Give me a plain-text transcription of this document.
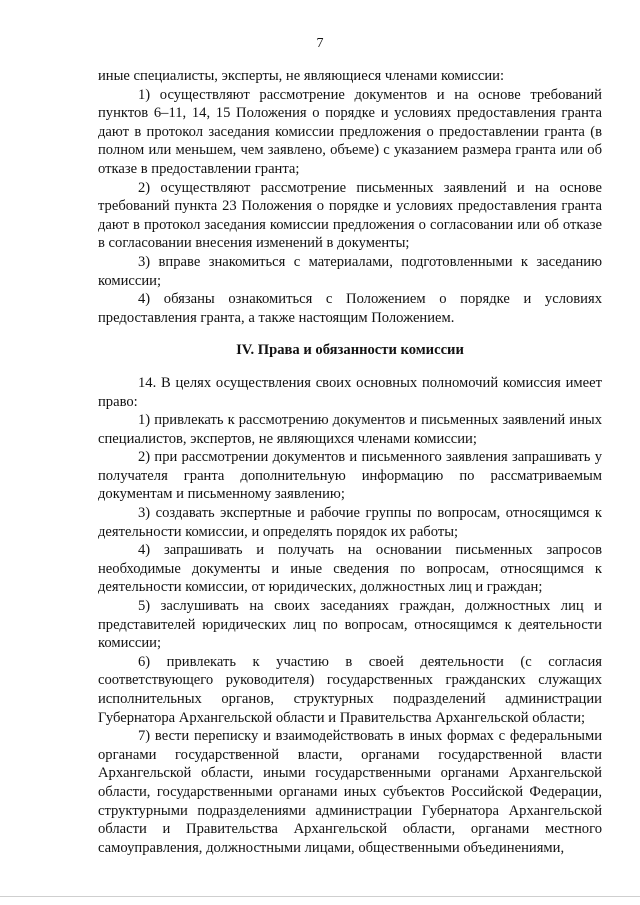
7

иные специалисты, эксперты, не являющиеся членами комиссии:

1) осуществляют рассмотрение документов и на основе требований пунктов 6–11, 14, 15 Положения о порядке и условиях предоставления гранта дают в протокол заседания комиссии предложения о предоставлении гранта (в полном или меньшем, чем заявлено, объеме) с указанием размера гранта или об отказе в предоставлении гранта;

2) осуществляют рассмотрение письменных заявлений и на основе требований пункта 23 Положения о порядке и условиях предоставления гранта дают в протокол заседания комиссии предложения о согласовании или об отказе в согласовании внесения изменений в документы;

3) вправе знакомиться с материалами, подготовленными к заседанию комиссии;

4) обязаны ознакомиться с Положением о порядке и условиях предоставления гранта, а также настоящим Положением.

IV. Права и обязанности комиссии

14. В целях осуществления своих основных полномочий комиссия имеет право:

1) привлекать к рассмотрению документов и письменных заявлений иных специалистов, экспертов, не являющихся членами комиссии;

2) при рассмотрении документов и письменного заявления запрашивать у получателя гранта дополнительную информацию по рассматриваемым документам и письменному заявлению;

3) создавать экспертные и рабочие группы по вопросам, относящимся к деятельности комиссии, и определять порядок их работы;

4) запрашивать и получать на основании письменных запросов необходимые документы и иные сведения по вопросам, относящимся к деятельности комиссии, от юридических, должностных лиц и граждан;

5) заслушивать на своих заседаниях граждан, должностных лиц и представителей юридических лиц по вопросам, относящимся к деятельности комиссии;

6) привлекать к участию в своей деятельности (с согласия соответствующего руководителя) государственных гражданских служащих исполнительных органов, структурных подразделений администрации Губернатора Архангельской области и Правительства Архангельской области;

7) вести переписку и взаимодействовать в иных формах с федеральными органами государственной власти, органами государственной власти Архангельской области, иными государственными органами Архангельской области, государственными органами иных субъектов Российской Федерации, структурными подразделениями администрации Губернатора Архангельской области и Правительства Архангельской области, органами местного самоуправления, должностными лицами, общественными объединениями,
